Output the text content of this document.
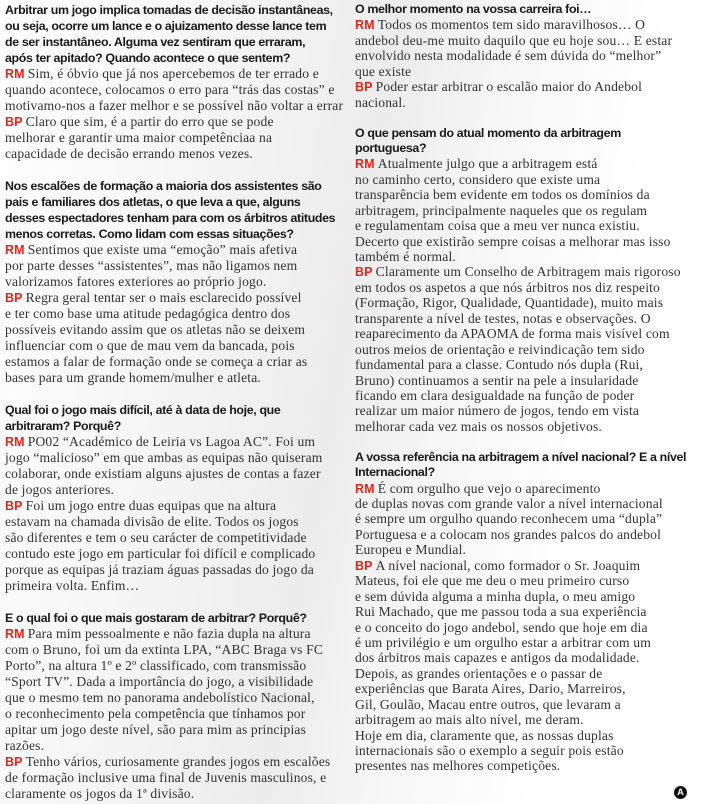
Arbitrar um jogo implica tomadas de decisão instantâneas,
ou seja, ocorre um lance e o ajuizamento desse lance tem
de ser instantâneo. Alguma vez sentiram que erraram,
após ter apitado? Quando acontece o que sentem?
RM Sim, é óbvio que já nos apercebemos de ter errado e
quando acontece, colocamos o erro para “trás das costas” e
motivamo-nos a fazer melhor e se possível não voltar a errar
BP Claro que sim, é a partir do erro que se pode
melhorar e garantir uma maior competênciaa na
capacidade de decisão errando menos vezes.
Nos escalões de formação a maioria dos assistentes são
pais e familiares dos atletas, o que leva a que, alguns
desses espectadores tenham para com os árbitros atitudes
menos corretas. Como lidam com essas situações?
RM Sentimos que existe uma “emoção” mais afetiva
por parte desses “assistentes”, mas não ligamos nem
valorizamos fatores exteriores ao próprio jogo.
BP Regra geral tentar ser o mais esclarecido possível
e ter como base uma atitude pedagógica dentro dos
possíveis evitando assim que os atletas não se deixem
influenciar com o que de mau vem da bancada, pois
estamos a falar de formação onde se começa a criar as
bases para um grande homem/mulher e atleta.
Qual foi o jogo mais difícil, até à data de hoje, que
arbitraram? Porquê?
RM PO02 “Académico de Leiria vs Lagoa AC”. Foi um
jogo “malicioso” em que ambas as equipas não quiseram
colaborar, onde existiam alguns ajustes de contas a fazer
de jogos anteriores.
BP Foi um jogo entre duas equipas que na altura
estavam na chamada divisão de elite. Todos os jogos
são diferentes e tem o seu carácter de competitividade
contudo este jogo em particular foi difícil e complicado
porque as equipas já traziam águas passadas do jogo da
primeira volta. Enfim…
E o qual foi o que mais gostaram de arbitrar? Porquê?
RM Para mim pessoalmente e não fazia dupla na altura
com o Bruno, foi um da extinta LPA, “ABC Braga vs FC
Porto”, na altura 1º e 2º classificado, com transmissão
“Sport TV”. Dada a importância do jogo, a visibilidade
que o mesmo tem no panorama andebolístico Nacional,
o reconhecimento pela competência que tínhamos por
apitar um jogo deste nível, são para mim as principias
razões.
BP Tenho vários, curiosamente grandes jogos em escalões
de formação inclusive uma final de Juvenis masculinos, e
claramente os jogos da 1ª divisão.
O melhor momento na vossa carreira foi…
RM Todos os momentos tem sido maravilhosos… O
andebol deu-me muito daquilo que eu hoje sou… E estar
envolvido nesta modalidade é sem dúvida do “melhor”
que existe
BP Poder estar arbitrar o escalão maior do Andebol
nacional.
O que pensam do atual momento da arbitragem
portuguesa?
RM Atualmente julgo que a arbitragem está
no caminho certo, considero que existe uma
transparência bem evidente em todos os domínios da
arbitragem, principalmente naqueles que os regulam
e regulamentam coisa que a meu ver nunca existiu.
Decerto que existirão sempre coisas a melhorar mas isso
também é normal.
BP Claramente um Conselho de Arbitragem mais rigoroso
em todos os aspetos a que nós árbitros nos diz respeito
(Formação, Rigor, Qualidade, Quantidade), muito mais
transparente a nível de testes, notas e observações. O
reaparecimento da APAOMA de forma mais visível com
outros meios de orientação e reivindicação tem sido
fundamental para a classe. Contudo nós dupla (Rui,
Bruno) continuamos a sentir na pele a insularidade
ficando em clara desigualdade na função de poder
realizar um maior número de jogos, tendo em vista
melhorar cada vez mais os nossos objetivos.
A vossa referência na arbitragem a nível nacional? E a nível
Internacional?
RM É com orgulho que vejo o aparecimento
de duplas novas com grande valor a nível internacional
é sempre um orgulho quando reconhecem uma “dupla”
Portuguesa e a colocam nos grandes palcos do andebol
Europeu e Mundial.
BP A nível nacional, como formador o Sr. Joaquim
Mateus, foi ele que me deu o meu primeiro curso
e sem dúvida alguma a minha dupla, o meu amigo
Rui Machado, que me passou toda a sua experiência
e o conceito do jogo andebol, sendo que hoje em dia
é um privilégio e um orgulho estar a arbitrar com um
dos árbitros mais capazes e antigos da modalidade.
Depois, as grandes orientações e o passar de
experiências que Barata Aires, Dario, Marreiros,
Gil, Goulão, Macau entre outros, que levaram a
arbitragem ao mais alto nível, me deram.
Hoje em dia, claramente que, as nossas duplas
internacionais são o exemplo a seguir pois estão
presentes nas melhores competições.
A
